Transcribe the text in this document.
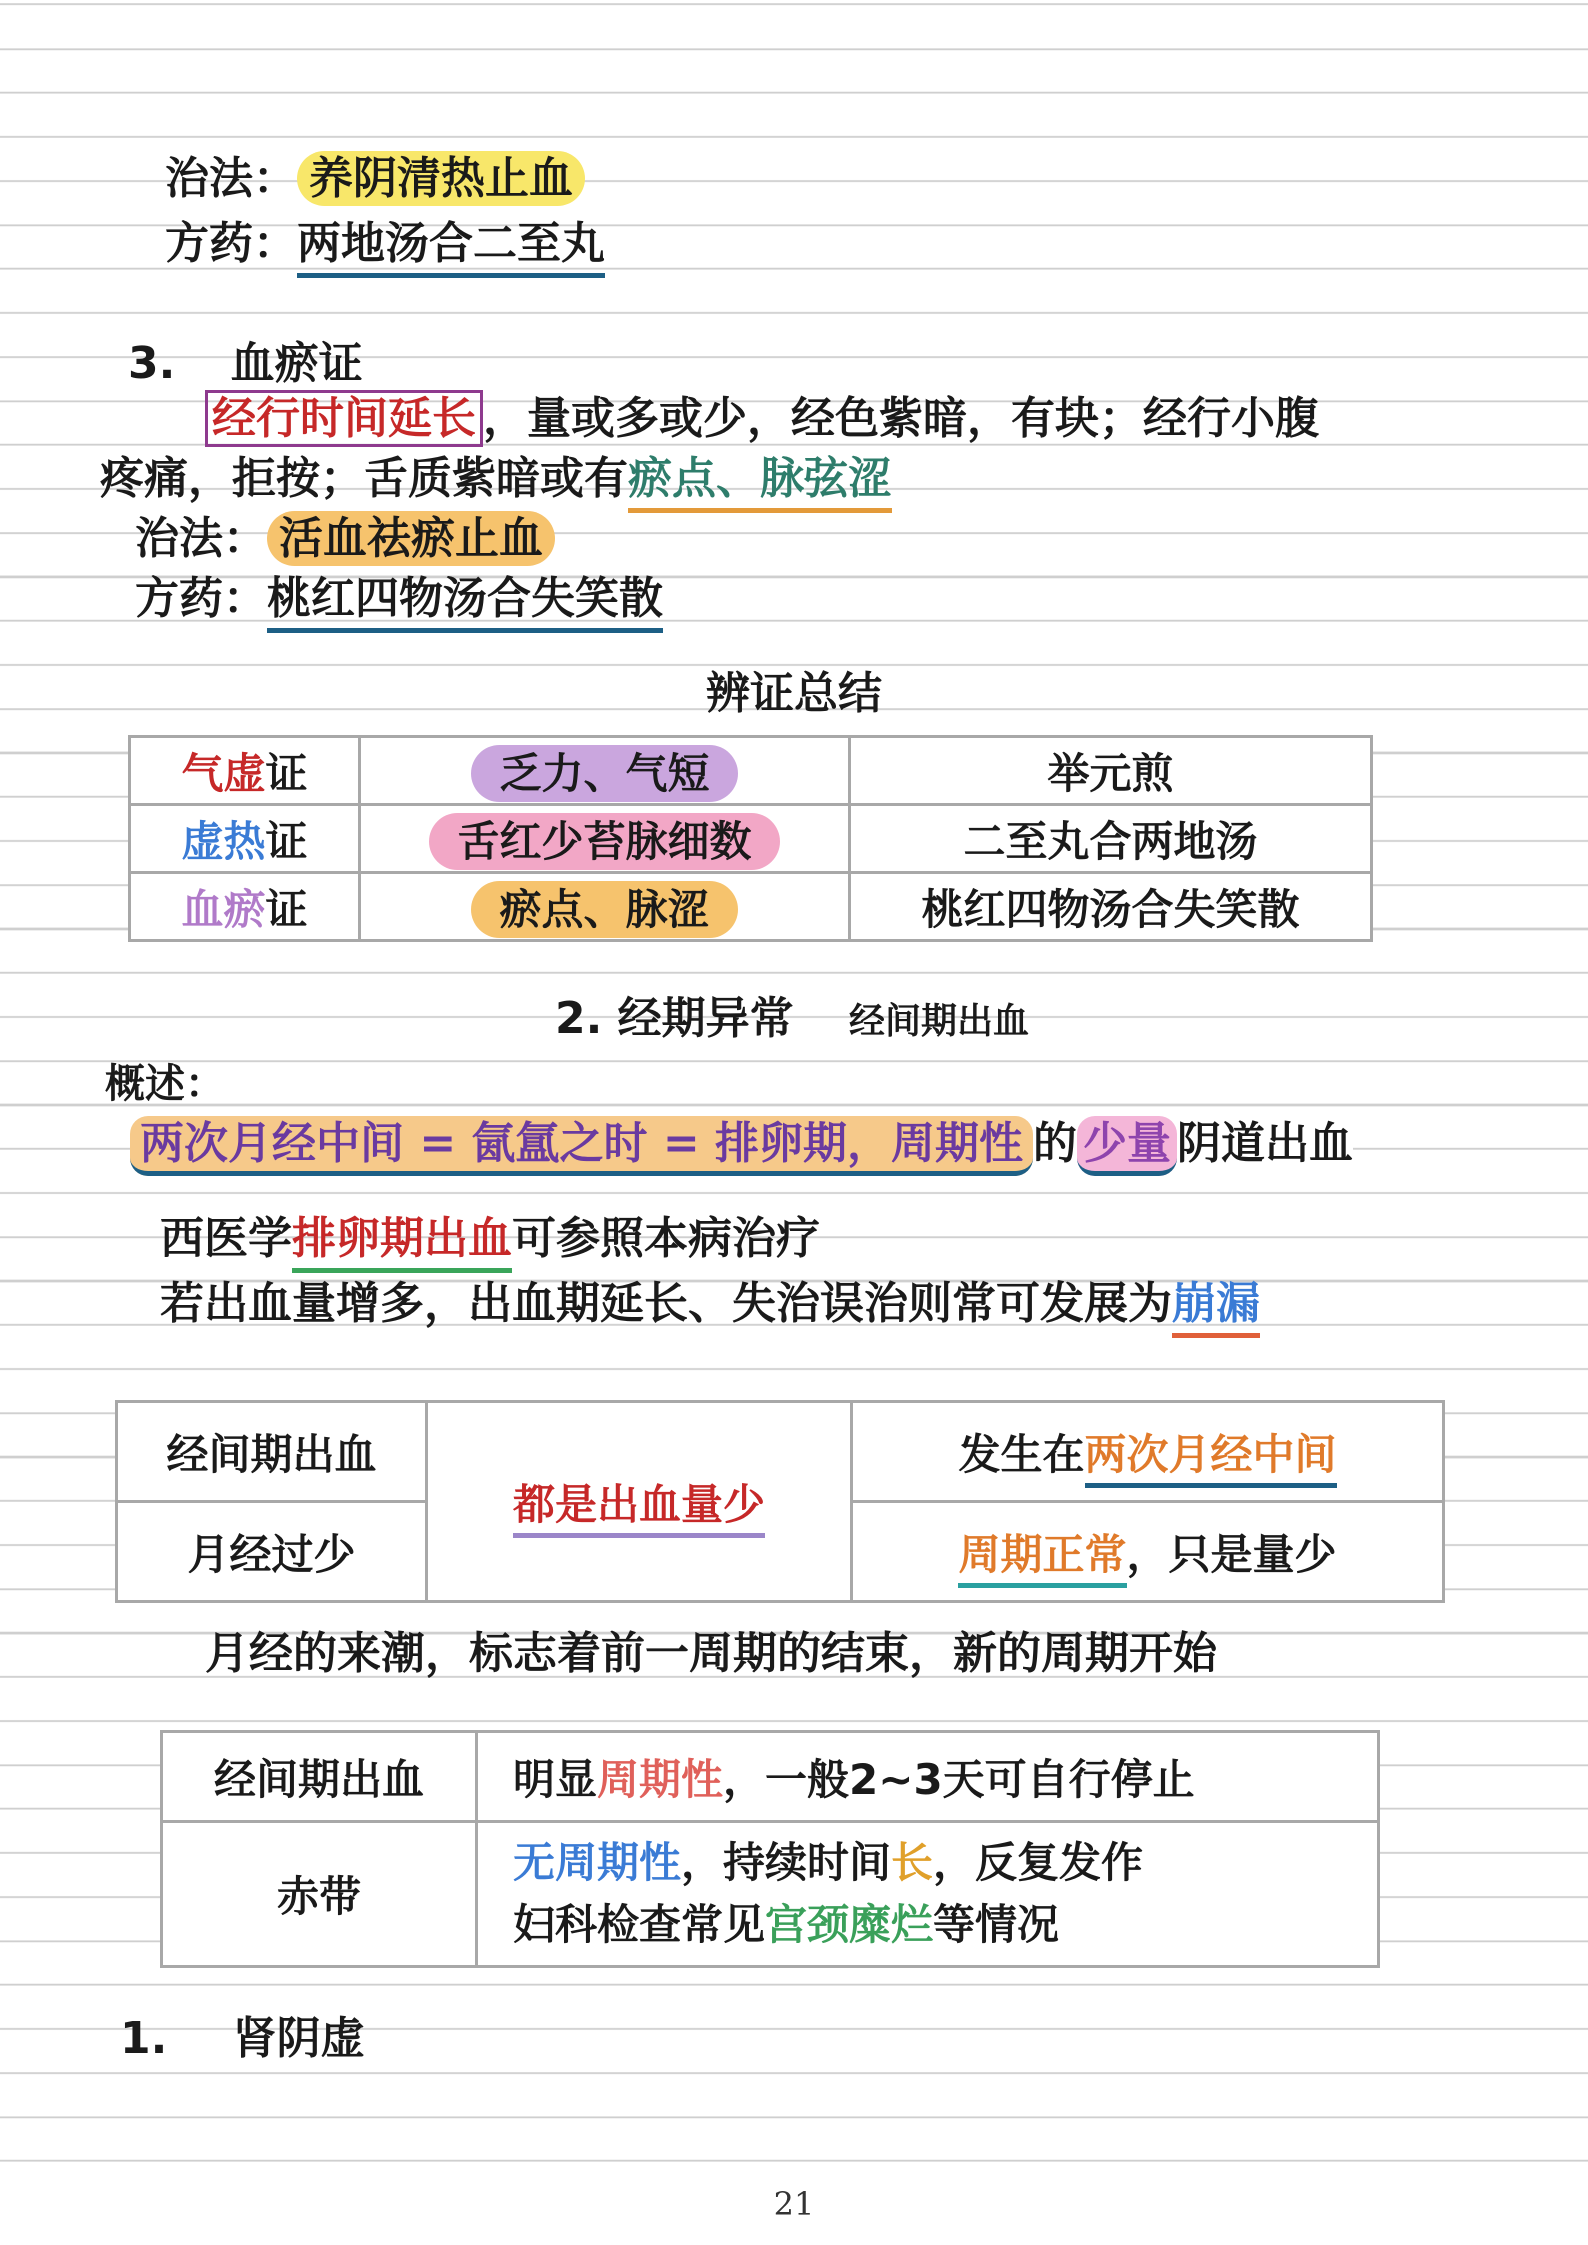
治法： 养阴清热止血
方药：两地汤合二至丸
3. 血瘀证
经行时间延长 ，量或多或少，经色紫暗，有块；经行小腹
疼痛，拒按；舌质紫暗或有瘀点、脉弦涩
治法： 活血祛瘀止血
方药：桃红四物汤合失笑散
辨证总结
气虚证	乏力、气短	举元煎
虚热证	舌红少苔脉细数	二至丸合两地汤
血瘀证	瘀点、脉涩	桃红四物汤合失笑散
2. 经期异常 经间期出血
概述：
两次月经中间 = 氤氲之时 = 排卵期，周期性 的 少量 阴道出血
西医学排卵期出血可参照本病治疗
若出血量增多，出血期延长、失治误治则常可发展为崩漏
经间期出血	都是出血量少	发生在两次月经中间
月经过少		周期正常，只是量少
月经的来潮，标志着前一周期的结束，新的周期开始
经间期出血	明显周期性，一般2~3天可自行停止
赤带	无周期性，持续时间长，反复发作
妇科检查常见宫颈糜烂等情况
1. 肾阴虚
21
